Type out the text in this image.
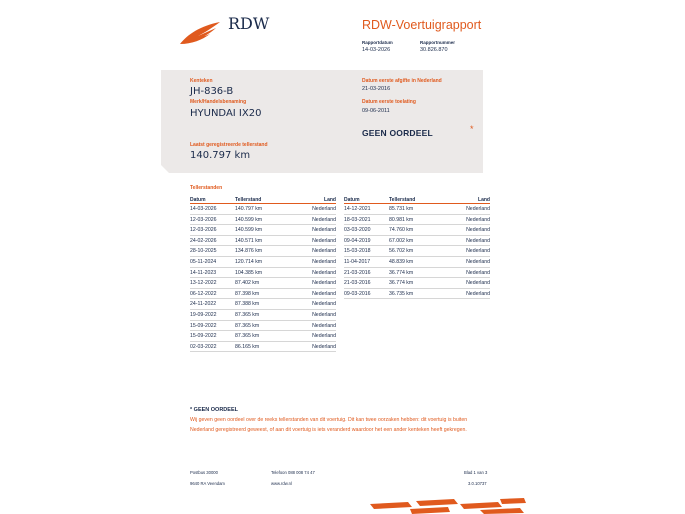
RDW	RDW-Voertuigrapport
Rapportdatum
14-03-2026
Rapportnummer
30.826.870
Kenteken
JH-836-B
Merk/Handelsbenaming
HYUNDAI IX20
Laatst geregistreerde tellerstand
140.797 km
Datum eerste afgifte in Nederland
21-03-2016
Datum eerste toelating
09-06-2011
GEEN OORDEEL	*
Tellerstanden
Datum	Tellerstand	Land
14-03-2026	140.797 km	Nederland
12-03-2026	140.599 km	Nederland
12-03-2026	140.599 km	Nederland
24-02-2026	140.571 km	Nederland
28-10-2025	134.876 km	Nederland
05-11-2024	120.714 km	Nederland
14-11-2023	104.385 km	Nederland
13-12-2022	87.402 km	Nederland
06-12-2022	87.398 km	Nederland
24-11-2022	87.388 km	Nederland
19-09-2022	87.365 km	Nederland
15-09-2022	87.365 km	Nederland
15-09-2022	87.365 km	Nederland
02-03-2022	86.165 km	Nederland
Datum	Tellerstand	Land
14-12-2021	85.731 km	Nederland
18-03-2021	80.981 km	Nederland
03-03-2020	74.760 km	Nederland
09-04-2019	67.002 km	Nederland
15-03-2018	56.702 km	Nederland
11-04-2017	48.839 km	Nederland
21-03-2016	36.774 km	Nederland
21-03-2016	36.774 km	Nederland
09-03-2016	36.735 km	Nederland
* GEEN OORDEEL
Wij geven geen oordeel over de reeks tellerstanden van dit voertuig. Dit kan twee oorzaken hebben: dit voertuig is buiten Nederland geregistreerd geweest, of aan dit voertuig is iets veranderd waardoor het een ander kenteken heeft gekregen.
Postbus 30000
9640 RA Veendam
Telefoon 088 008 74 47
www.rdw.nl
Blad 1 van 3
3.0.10737
